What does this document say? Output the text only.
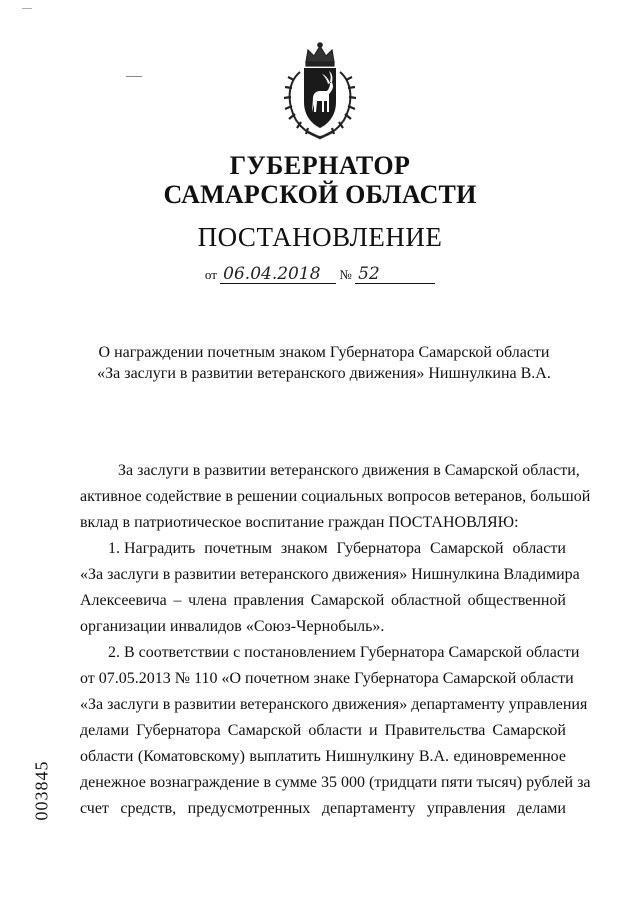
ГУБЕРНАТОР
САМАРСКОЙ ОБЛАСТИ
ПОСТАНОВЛЕНИЕ
от 06.04.2018 № 52
О награждении почетным знаком Губернатора Самарской области
«За заслуги в развитии ветеранского движения» Нишнулкина В.А.
За заслуги в развитии ветеранского движения в Самарской области,
активное содействие в решении социальных вопросов ветеранов, большой
вклад в патриотическое воспитание граждан ПОСТАНОВЛЯЮ:
1. Наградить почетным знаком Губернатора Самарской области
«За заслуги в развитии ветеранского движения» Нишнулкина Владимира
Алексеевича – члена правления Самарской областной общественной
организации инвалидов «Союз-Чернобыль».
2. В соответствии с постановлением Губернатора Самарской области
от 07.05.2013 № 110 «О почетном знаке Губернатора Самарской области
«За заслуги в развитии ветеранского движения» департаменту управления
делами Губернатора Самарской области и Правительства Самарской
области (Коматовскому) выплатить Нишнулкину В.А. единовременное
денежное вознаграждение в сумме 35 000 (тридцати пяти тысяч) рублей за
счет средств, предусмотренных департаменту управления делами
003845
